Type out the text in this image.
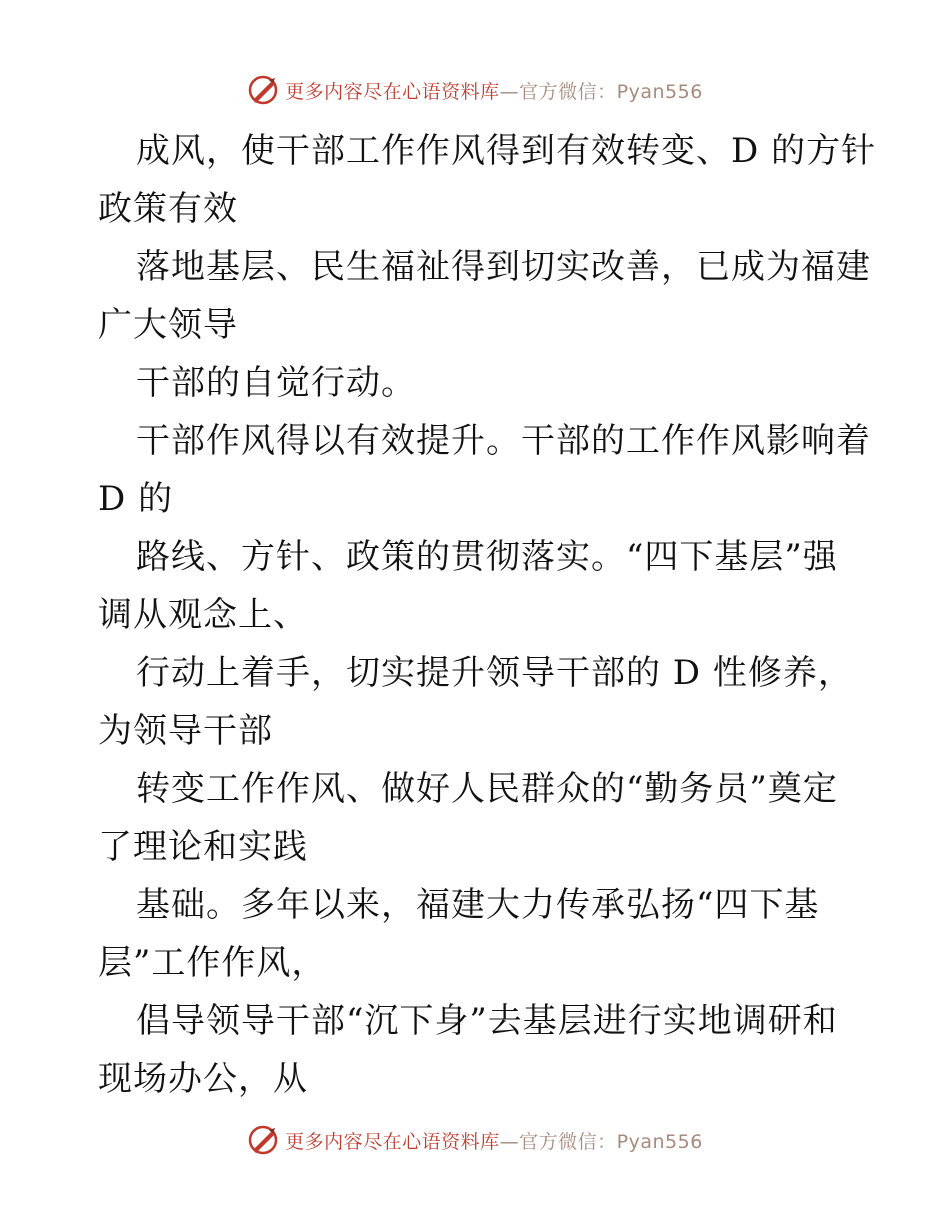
更多内容尽在心语资料库—官方微信：Pyan556
成风，使干部工作作风得到有效转变、D 的方针
政策有效
落地基层、民生福祉得到切实改善，已成为福建
广大领导
干部的自觉行动。
干部作风得以有效提升。干部的工作作风影响着
D 的
路线、方针、政策的贯彻落实。“四下基层”强
调从观念上、
行动上着手，切实提升领导干部的 D 性修养，
为领导干部
转变工作作风、做好人民群众的“勤务员”奠定
了理论和实践
基础。多年以来，福建大力传承弘扬“四下基
层”工作作风，
倡导领导干部“沉下身”去基层进行实地调研和
现场办公，从
更多内容尽在心语资料库—官方微信：Pyan556
